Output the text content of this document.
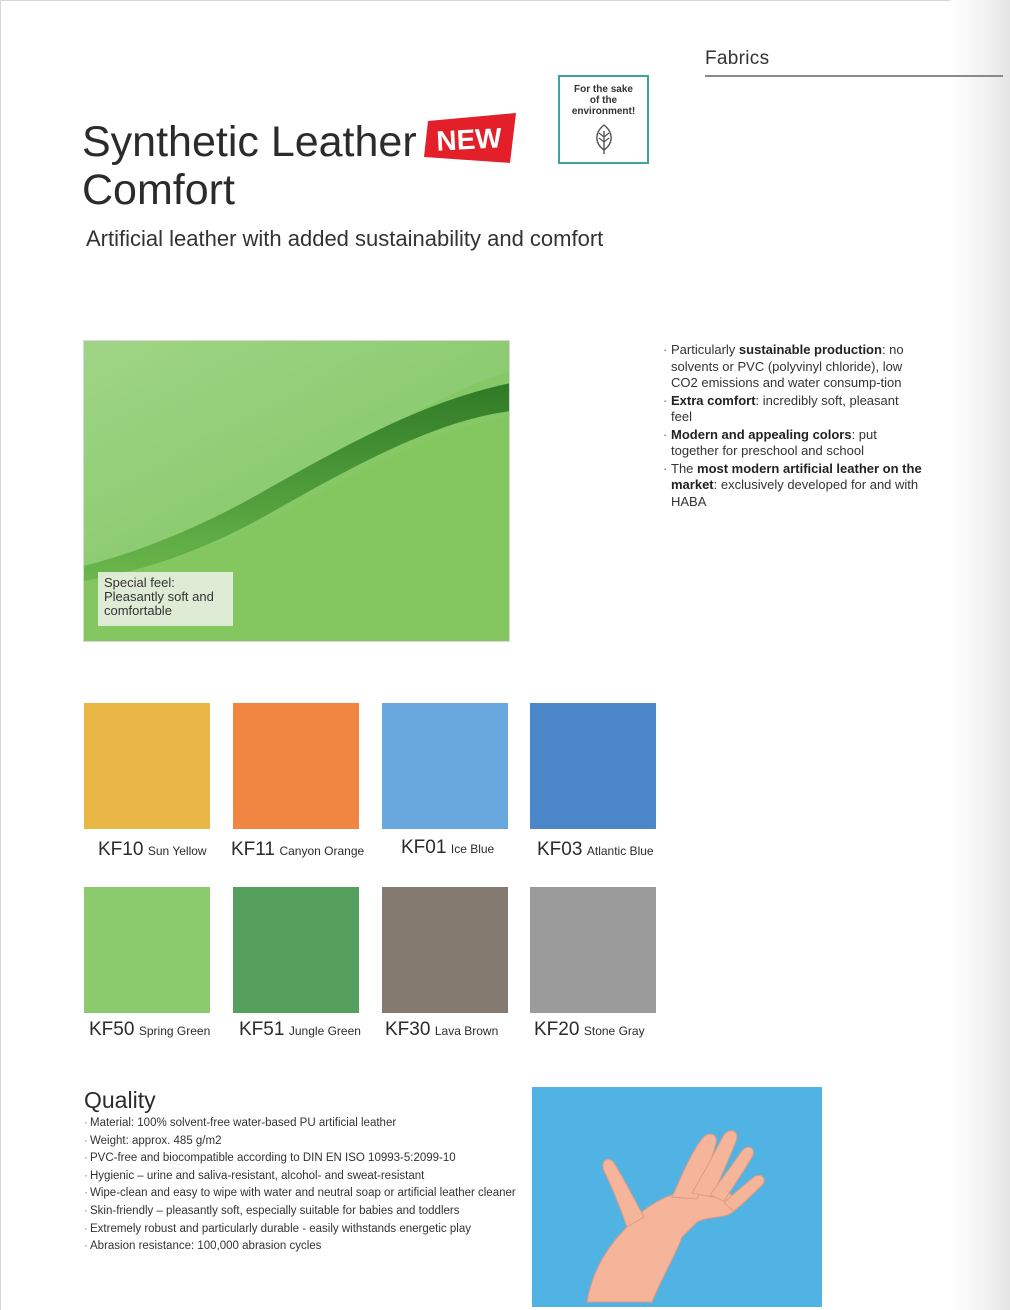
Fabrics
Synthetic Leather
Comfort
NEW
Artificial leather with added sustainability and comfort
For the sake
of the
environment!
Special feel:
Pleasantly soft and
comfortable
· Particularly sustainable production: no solvents or PVC (polyvinyl chloride), low CO2 emissions and water consump-tion
· Extra comfort: incredibly soft, pleasant feel
· Modern and appealing colors: put together for preschool and school
· The most modern artificial leather on the market: exclusively developed for and with HABA
KF10 Sun Yellow KF11 Canyon Orange KF01 Ice Blue KF03 Atlantic Blue
KF50 Spring Green KF51 Jungle Green KF30 Lava Brown KF20 Stone Gray
Quality
· Material: 100% solvent-free water-based PU artificial leather
· Weight: approx. 485 g/m2
· PVC-free and biocompatible according to DIN EN ISO 10993-5:2099-10
· Hygienic – urine and saliva-resistant, alcohol- and sweat-resistant
· Wipe-clean and easy to wipe with water and neutral soap or artificial leather cleaner
· Skin-friendly – pleasantly soft, especially suitable for babies and toddlers
· Extremely robust and particularly durable - easily withstands energetic play
· Abrasion resistance: 100,000 abrasion cycles
